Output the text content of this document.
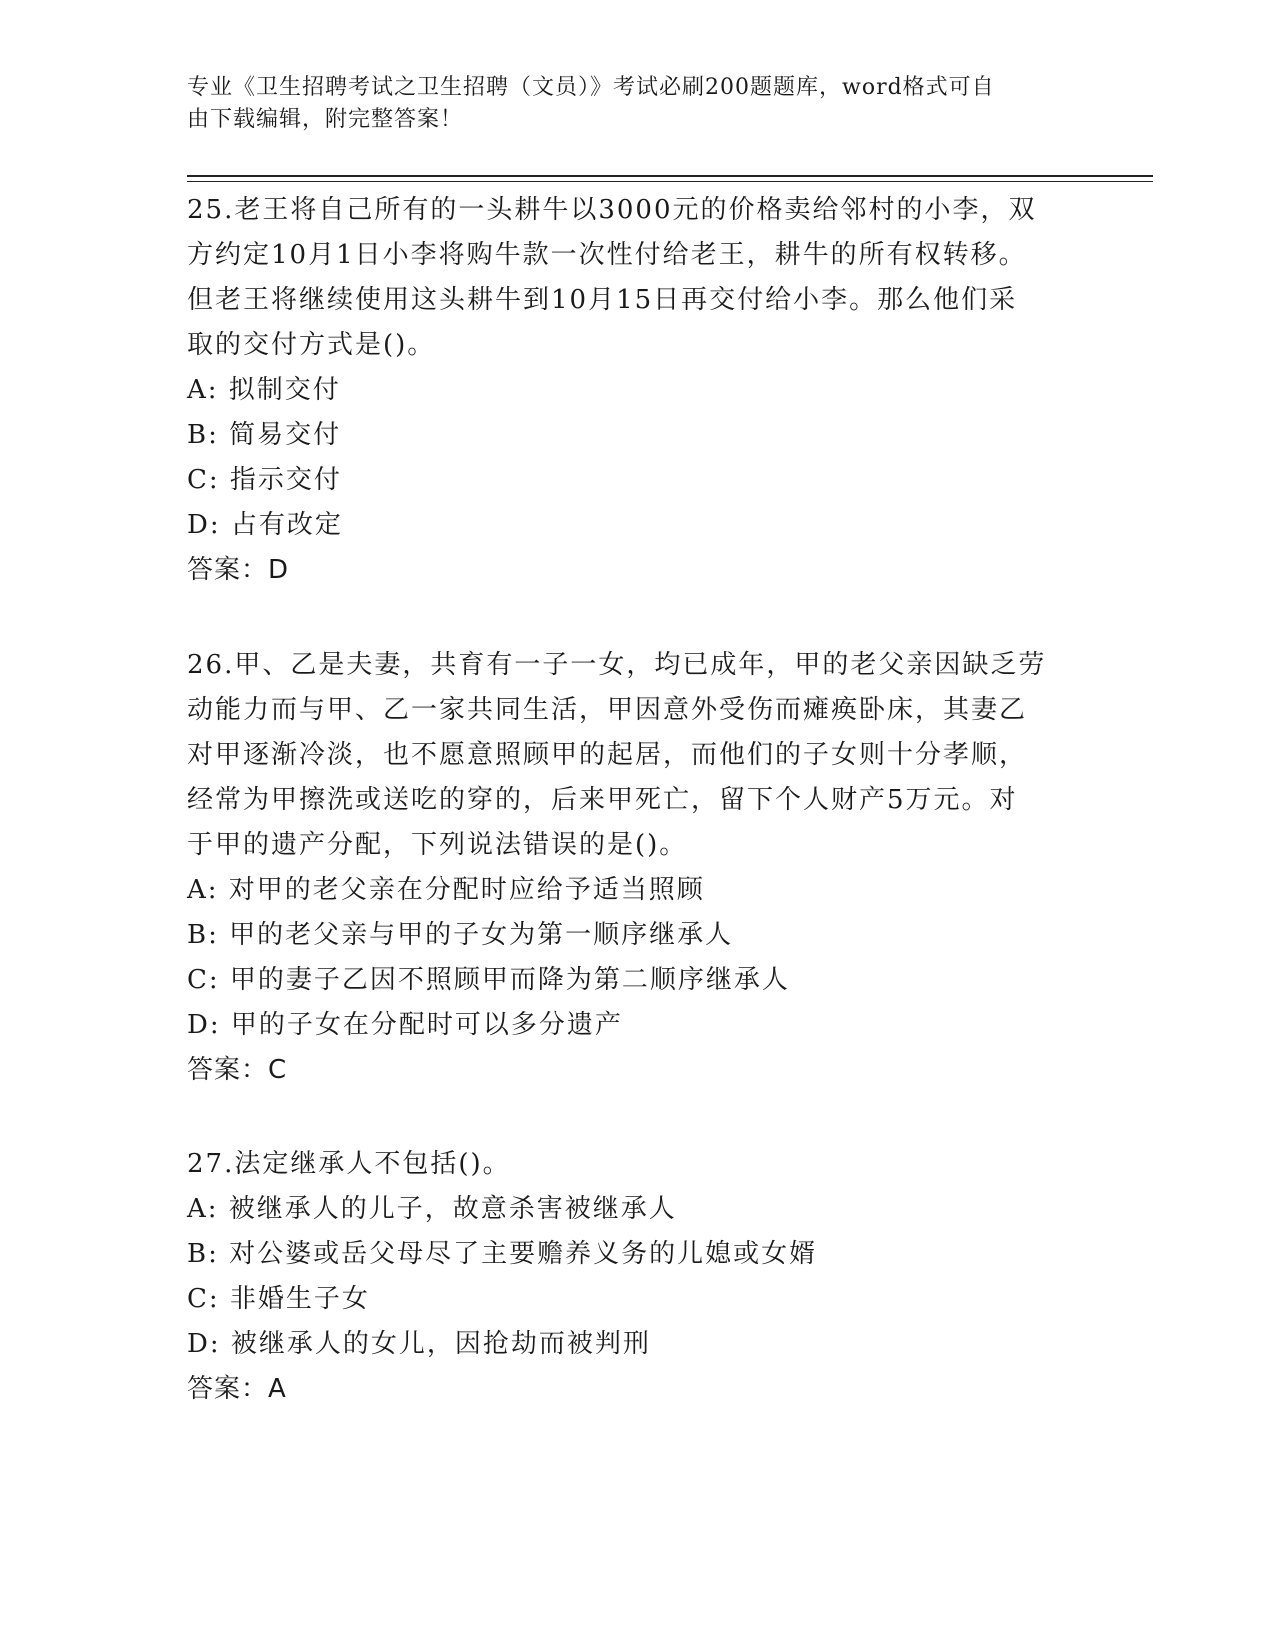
专业《卫生招聘考试之卫生招聘（文员）》考试必刷200题题库，word格式可自
由下载编辑，附完整答案！

25.老王将自己所有的一头耕牛以3000元的价格卖给邻村的小李，双

方约定10月1日小李将购牛款一次性付给老王，耕牛的所有权转移。

但老王将继续使用这头耕牛到10月15日再交付给小李。那么他们采

取的交付方式是()。

A: 拟制交付

B: 简易交付

C: 指示交付

D: 占有改定

答案：D

26.甲、乙是夫妻，共育有一子一女，均已成年，甲的老父亲因缺乏劳

动能力而与甲、乙一家共同生活，甲因意外受伤而瘫痪卧床，其妻乙

对甲逐渐冷淡，也不愿意照顾甲的起居，而他们的子女则十分孝顺，

经常为甲擦洗或送吃的穿的，后来甲死亡，留下个人财产5万元。对

于甲的遗产分配，下列说法错误的是()。

A: 对甲的老父亲在分配时应给予适当照顾

B: 甲的老父亲与甲的子女为第一顺序继承人

C: 甲的妻子乙因不照顾甲而降为第二顺序继承人

D: 甲的子女在分配时可以多分遗产

答案：C

27.法定继承人不包括()。

A: 被继承人的儿子，故意杀害被继承人

B: 对公婆或岳父母尽了主要赡养义务的儿媳或女婿

C: 非婚生子女

D: 被继承人的女儿，因抢劫而被判刑

答案：A
